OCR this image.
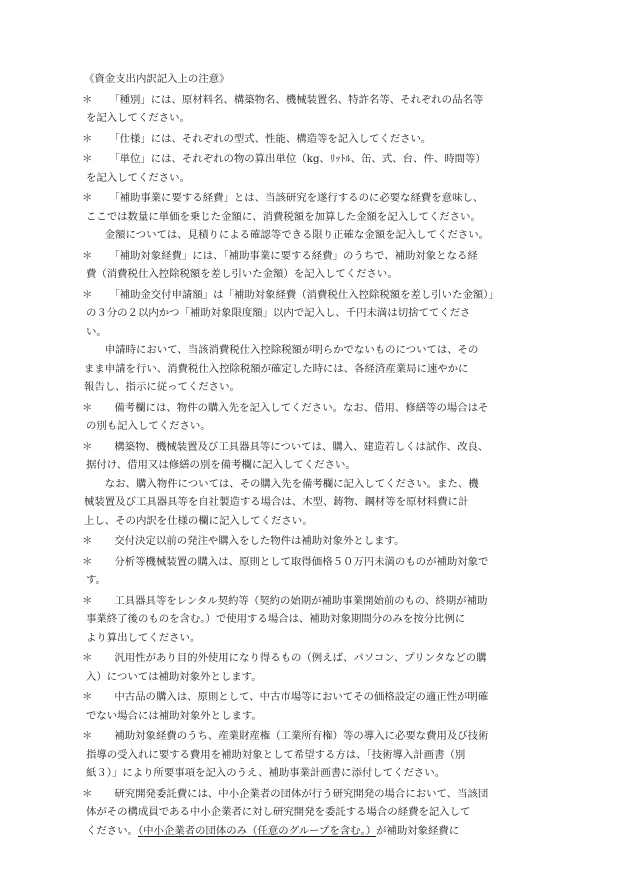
《資金支出内訳記入上の注意》
＊ 　「種別」には、原材料名、構築物名、機械装置名、特許名等、それぞれの品名等
を記入してください。
＊ 　「仕様」には、それぞれの型式、性能、構造等を記入してください。
＊ 　「単位」には、それぞれの物の算出単位（kg、ﾘｯﾄﾙ、缶、式、台、件、時間等）
を記入してください。
＊ 　「補助事業に要する経費」とは、当該研究を遂行するのに必要な経費を意味し、
ここでは数量に単価を乗じた金額に、消費税額を加算した金額を記入してください。
　　金額については、見積りによる確認等できる限り正確な金額を記入してください。
＊ 　「補助対象経費」には、「補助事業に要する経費」のうちで、補助対象となる経
費（消費税仕入控除税額を差し引いた金額）を記入してください。
＊ 　「補助金交付申請額」は「補助対象経費（消費税仕入控除税額を差し引いた金額）」
の３分の２以内かつ「補助対象限度額」以内で記入し、千円未満は切捨ててくださ
い。
　　申請時において、当該消費税仕入控除税額が明らかでないものについては、その
まま申請を行い、消費税仕入控除税額が確定した時には、各経済産業局に速やかに
報告し、指示に従ってください。
＊ 　備考欄には、物件の購入先を記入してください。なお、借用、修繕等の場合はそ
の別も記入してください。
＊ 　構築物、機械装置及び工具器具等については、購入、建造若しくは試作、改良、
据付け、借用又は修繕の別を備考欄に記入してください。
　　なお、購入物件については、その購入先を備考欄に記入してください。また、機
械装置及び工具器具等を自社製造する場合は、木型、鋳物、鋼材等を原材料費に計
上し、その内訳を仕様の欄に記入してください。
＊ 　交付決定以前の発注や購入をした物件は補助対象外とします。
＊ 　分析等機械装置の購入は、原則として取得価格５０万円未満のものが補助対象で
す。
＊ 　工具器具等をレンタル契約等（契約の始期が補助事業開始前のもの、終期が補助
事業終了後のものを含む。）で使用する場合は、補助対象期間分のみを按分比例に
より算出してください。
＊ 　汎用性があり目的外使用になり得るもの（例えば、パソコン、プリンタなどの購
入）については補助対象外とします。
＊ 　中古品の購入は、原則として、中古市場等においてその価格設定の適正性が明確
でない場合には補助対象外とします。
＊ 　補助対象経費のうち、産業財産権（工業所有権）等の導入に必要な費用及び技術
指導の受入れに要する費用を補助対象として希望する方は、「技術導入計画書（別
紙３）」により所要事項を記入のうえ、補助事業計画書に添付してください。
＊ 　研究開発委託費には、中小企業者の団体が行う研究開発の場合において、当該団
体がその構成員である中小企業者に対し研究開発を委託する場合の経費を記入して
ください。（中小企業者の団体のみ（任意のグループを含む。）が補助対象経費に
